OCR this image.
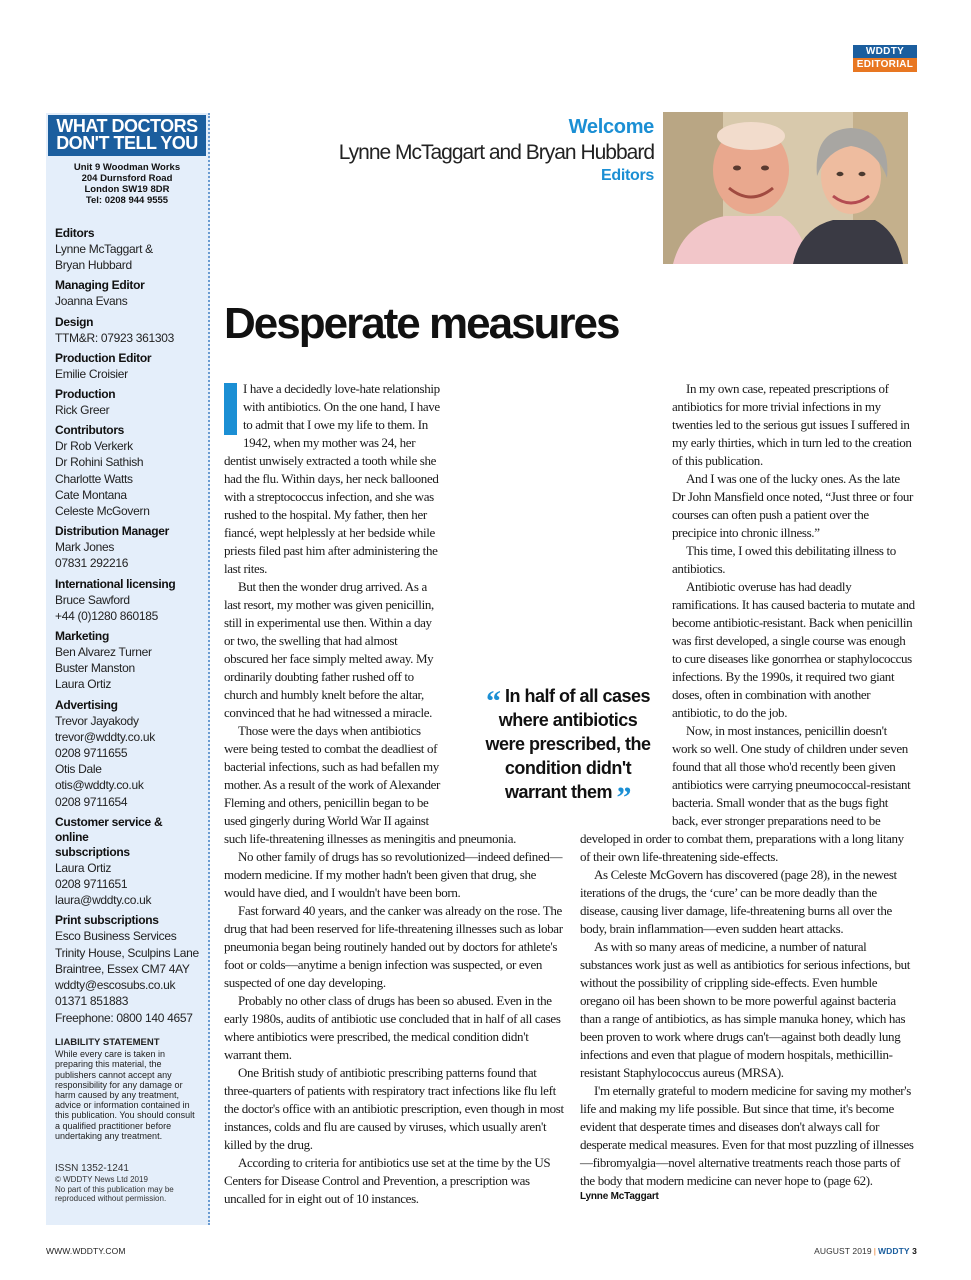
WDDTY
EDITORIAL
WHAT DOCTORS
DON'T TELL YOU
Unit 9 Woodman Works
204 Durnsford Road
London SW19 8DR
Tel: 0208 944 9555
Editors
Lynne McTaggart &
Bryan Hubbard
Managing Editor
Joanna Evans
Design
TTM&R: 07923 361303
Production Editor
Emilie Croisier
Production
Rick Greer
Contributors
Dr Rob Verkerk
Dr Rohini Sathish
Charlotte Watts
Cate Montana
Celeste McGovern
Distribution Manager
Mark Jones
07831 292216
International licensing
Bruce Sawford
+44 (0)1280 860185
Marketing
Ben Alvarez Turner
Buster Manston
Laura Ortiz
Advertising
Trevor Jayakody
trevor@wddty.co.uk
0208 9711655
Otis Dale
otis@wddty.co.uk
0208 9711654
Customer service & online subscriptions
Laura Ortiz
0208 9711651
laura@wddty.co.uk
Print subscriptions
Esco Business Services
Trinity House, Sculpins Lane
Braintree, Essex CM7 4AY
wddty@escosubs.co.uk
01371 851883
Freephone: 0800 140 4657
LIABILITY STATEMENT
While every care is taken in preparing this material, the publishers cannot accept any responsibility for any damage or harm caused by any treatment, advice or information contained in this publication. You should consult a qualified practitioner before undertaking any treatment.
ISSN 1352-1241
© WDDTY News Ltd 2019
No part of this publication may be reproduced without permission.
Welcome
Lynne McTaggart and Bryan Hubbard
Editors
Desperate measures

I have a decidedly love-hate relationship with antibiotics. On the one hand, I have to admit that I owe my life to them. In 1942, when my mother was 24, her dentist unwisely extracted a tooth while she had the flu. Within days, her neck ballooned with a streptococcus infection, and she was rushed to the hospital. My father, then her fiancé, wept helplessly at her bedside while priests filed past him after administering the last rites.

But then the wonder drug arrived. As a last resort, my mother was given penicillin, still in experimental use then. Within a day or two, the swelling that had almost obscured her face simply melted away. My ordinarily doubting father rushed off to church and humbly knelt before the altar, convinced that he had witnessed a miracle.

Those were the days when antibiotics were being tested to combat the deadliest of bacterial infections, such as had befallen my mother. As a result of the work of Alexander Fleming and others, penicillin began to be used gingerly during World War II against such life-threatening illnesses as meningitis and pneumonia.

No other family of drugs has so revolutionized—indeed defined—modern medicine. If my mother hadn't been given that drug, she would have died, and I wouldn't have been born.

Fast forward 40 years, and the canker was already on the rose. The drug that had been reserved for life-threatening illnesses such as lobar pneumonia began being routinely handed out by doctors for athlete's foot or colds—anytime a benign infection was suspected, or even suspected of one day developing.

Probably no other class of drugs has been so abused. Even in the early 1980s, audits of antibiotic use concluded that in half of all cases where antibiotics were prescribed, the medical condition didn't warrant them.

One British study of antibiotic prescribing patterns found that three-quarters of patients with respiratory tract infections like flu left the doctor's office with an antibiotic prescription, even though in most instances, colds and flu are caused by viruses, which usually aren't killed by the drug.

According to criteria for antibiotics use set at the time by the US Centers for Disease Control and Prevention, a prescription was uncalled for in eight out of 10 instances.

“ In half of all cases where antibiotics were prescribed, the condition didn't warrant them ”

In my own case, repeated prescriptions of antibiotics for more trivial infections in my twenties led to the serious gut issues I suffered in my early thirties, which in turn led to the creation of this publication.

And I was one of the lucky ones. As the late Dr John Mansfield once noted, “Just three or four courses can often push a patient over the precipice into chronic illness.”

This time, I owed this debilitating illness to antibiotics.

Antibiotic overuse has had deadly ramifications. It has caused bacteria to mutate and become antibiotic-resistant. Back when penicillin was first developed, a single course was enough to cure diseases like gonorrhea or staphylococcus infections. By the 1990s, it required two giant doses, often in combination with another antibiotic, to do the job.

Now, in most instances, penicillin doesn't work so well. One study of children under seven found that all those who'd recently been given antibiotics were carrying pneumococcal-resistant bacteria. Small wonder that as the bugs fight back, ever stronger preparations need to be developed in order to combat them, preparations with a long litany of their own life-threatening side-effects.

As Celeste McGovern has discovered (page 28), in the newest iterations of the drugs, the ‘cure’ can be more deadly than the disease, causing liver damage, life-threatening burns all over the body, brain inflammation—even sudden heart attacks.

As with so many areas of medicine, a number of natural substances work just as well as antibiotics for serious infections, but without the possibility of crippling side-effects. Even humble oregano oil has been shown to be more powerful against bacteria than a range of antibiotics, as has simple manuka honey, which has been proven to work where drugs can't—against both deadly lung infections and even that plague of modern hospitals, methicillin-resistant Staphylococcus aureus (MRSA).

I'm eternally grateful to modern medicine for saving my mother's life and making my life possible. But since that time, it's become evident that desperate times and diseases don't always call for desperate medical measures. Even for that most puzzling of illnesses—fibromyalgia—novel alternative treatments reach those parts of the body that modern medicine can never hope to (page 62).

Lynne McTaggart
WWW.WDDTY.COM	AUGUST 2019 | WDDTY 3
